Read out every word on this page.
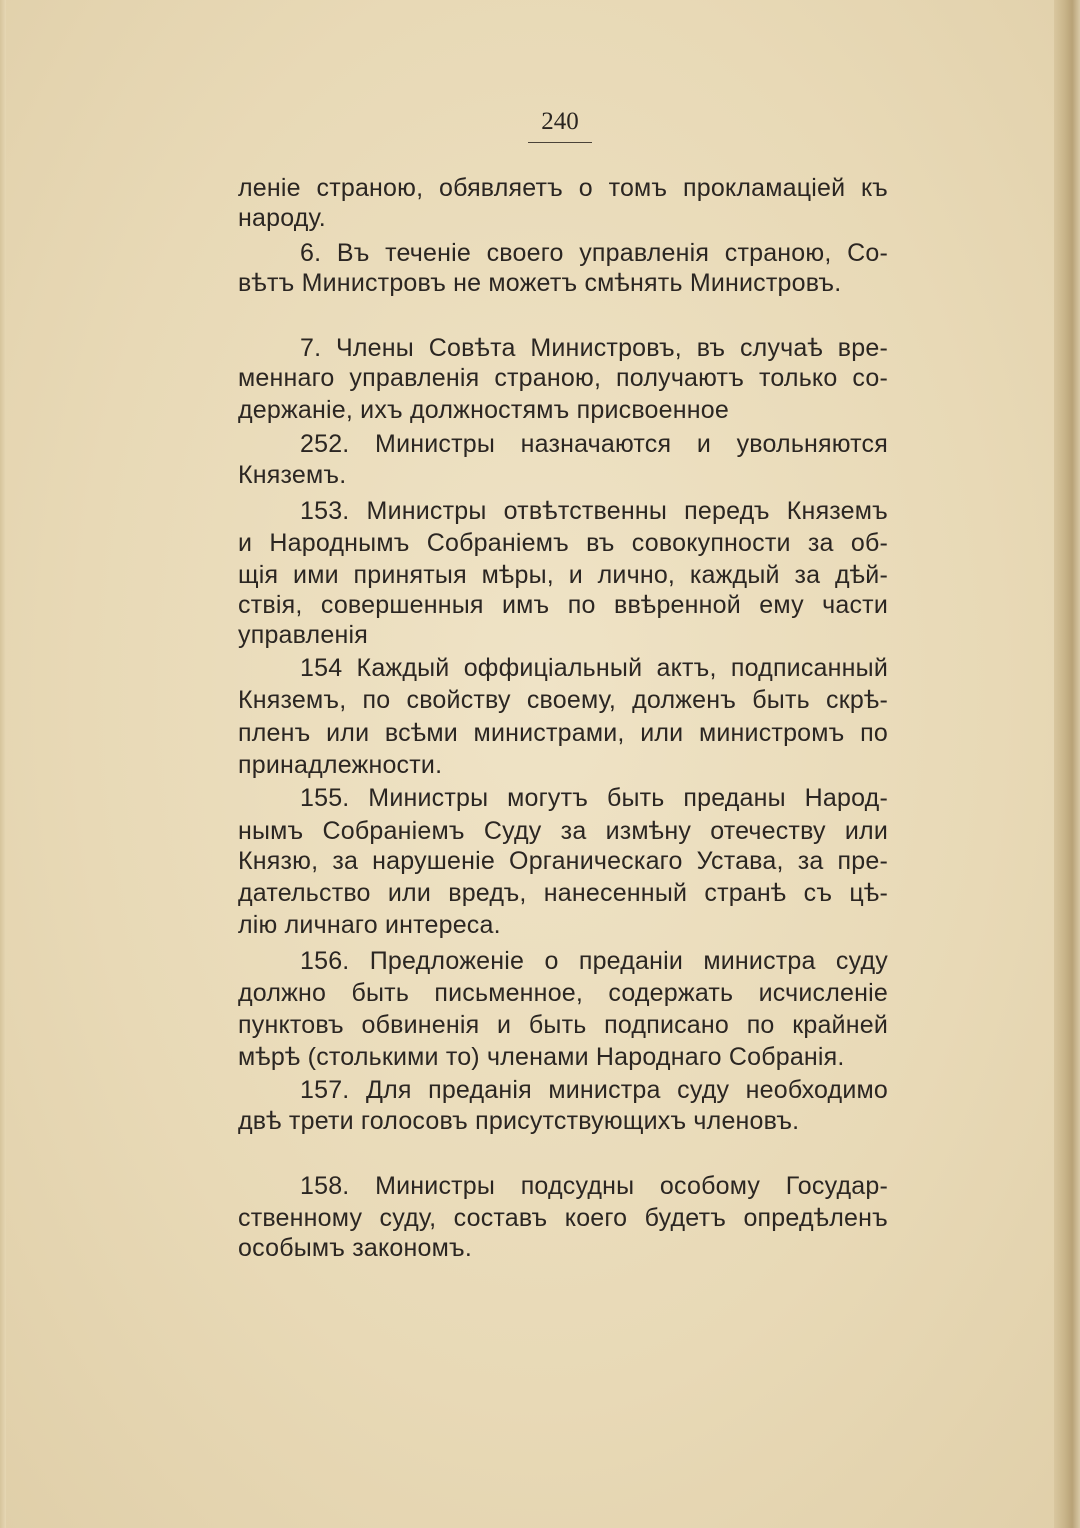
240
леніе страною, обявляетъ о томъ прокламаціей къ
народу.
6. Въ теченіе своего управленія страною, Со-
вѣтъ Министровъ не можетъ смѣнять Министровъ.
7. Члены Совѣта Министровъ, въ случаѣ вре-
меннаго управленія страною, получаютъ только со-
держаніе, ихъ должностямъ присвоенное
252. Министры назначаются и увольняются
Княземъ.
153. Министры отвѣтственны передъ Княземъ
и Народнымъ Собраніемъ въ совокупности за об-
щія ими принятыя мѣры, и лично, каждый за дѣй-
ствія, совершенныя имъ по ввѣренной ему части
управленія
154 Каждый оффиціальный актъ, подписанный
Княземъ, по свойству своему, долженъ быть скрѣ-
пленъ или всѣми министрами, или министромъ по
принадлежности.
155. Министры могутъ быть преданы Народ-
нымъ Собраніемъ Суду за измѣну отечеству или
Князю, за нарушеніе Органическаго Устава, за пре-
дательство или вредъ, нанесенный странѣ съ цѣ-
лію личнаго интереса.
156. Предложеніе о преданіи министра суду
должно быть письменное, содержать исчисленіе
пунктовъ обвиненія и быть подписано по крайней
мѣрѣ (столькими то) членами Народнаго Собранія.
157. Для преданія министра суду необходимо
двѣ трети голосовъ присутствующихъ членовъ.
158. Министры подсудны особому Государ-
ственному суду, составъ коего будетъ опредѣленъ
особымъ закономъ.
